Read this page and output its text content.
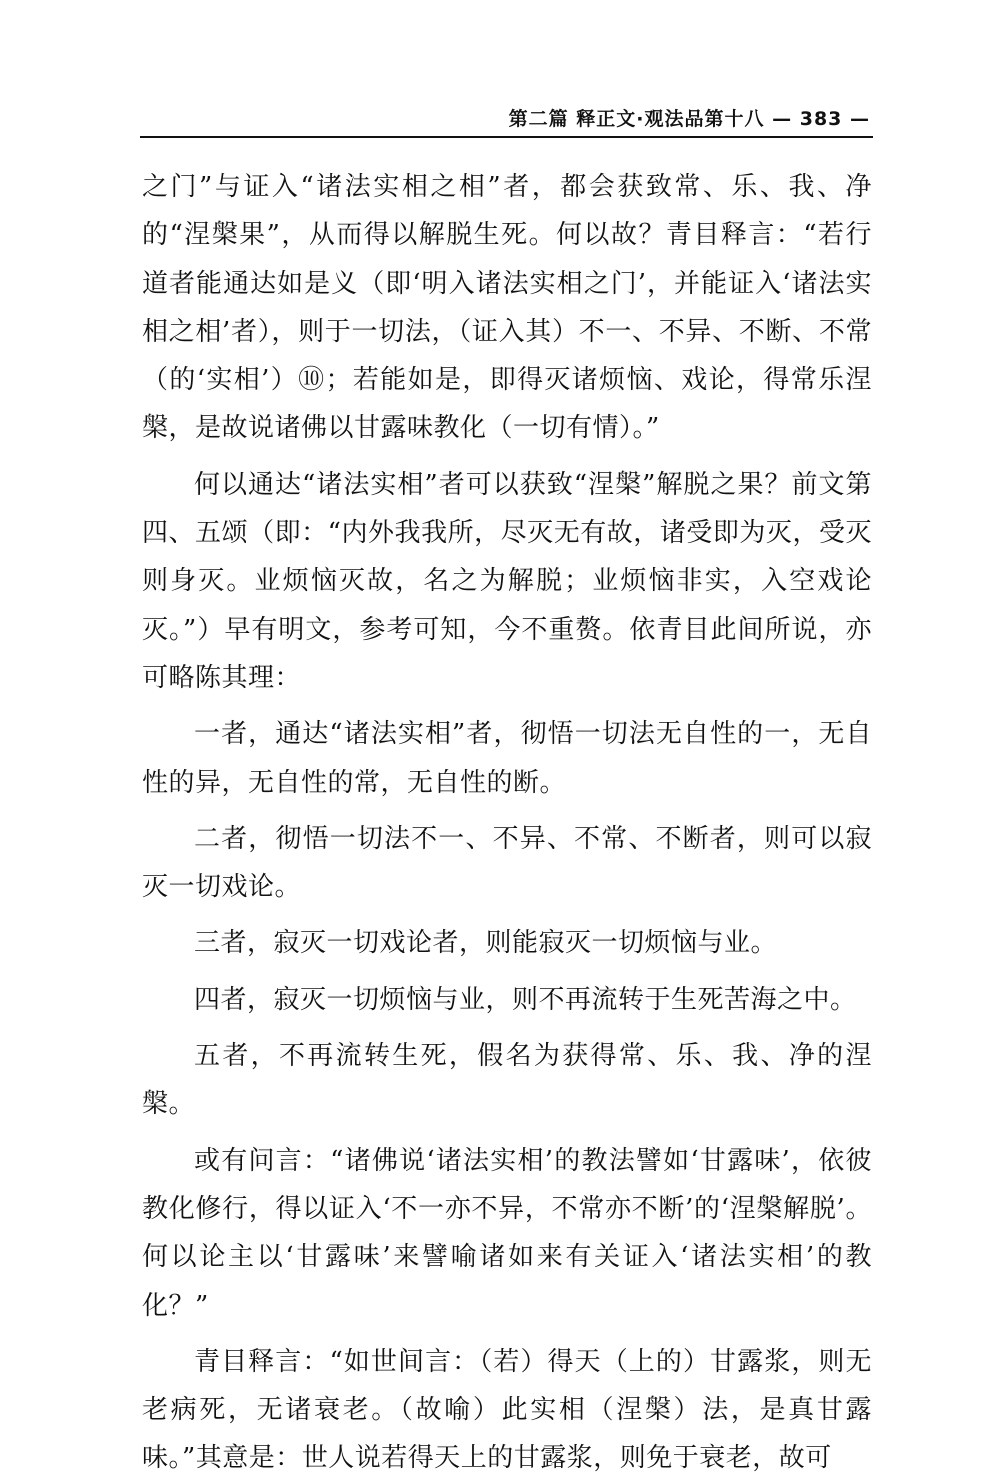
第二篇 释正文·观法品第十八 — 383 —

之门”与证入“诸法实相之相”者，都会获致常、乐、我、净的“涅槃果”，从而得以解脱生死。何以故？青目释言：“若行道者能通达如是义（即‘明入诸法实相之门’，并能证入‘诸法实相之相’者），则于一切法，（证入其）不一、不异、不断、不常（的‘实相’）⑩；若能如是，即得灭诸烦恼、戏论，得常乐涅槃，是故说诸佛以甘露味教化（一切有情）。”

何以通达“诸法实相”者可以获致“涅槃”解脱之果？前文第四、五颂（即：“内外我我所，尽灭无有故，诸受即为灭，受灭则身灭。业烦恼灭故，名之为解脱；业烦恼非实，入空戏论灭。”）早有明文，参考可知，今不重赘。依青目此间所说，亦可略陈其理：

一者，通达“诸法实相”者，彻悟一切法无自性的一，无自性的异，无自性的常，无自性的断。

二者，彻悟一切法不一、不异、不常、不断者，则可以寂灭一切戏论。

三者，寂灭一切戏论者，则能寂灭一切烦恼与业。

四者，寂灭一切烦恼与业，则不再流转于生死苦海之中。

五者，不再流转生死，假名为获得常、乐、我、净的涅槃。

或有问言：“诸佛说‘诸法实相’的教法譬如‘甘露味’，依彼教化修行，得以证入‘不一亦不异，不常亦不断’的‘涅槃解脱’。何以论主以‘甘露味’来譬喻诸如来有关证入‘诸法实相’的教化？”

青目释言：“如世间言：（若）得天（上的）甘露浆，则无老病死，无诸衰老。（故喻）此实相（涅槃）法，是真甘露味。”其意是：世人说若得天上的甘露浆，则免于衰老，故可
